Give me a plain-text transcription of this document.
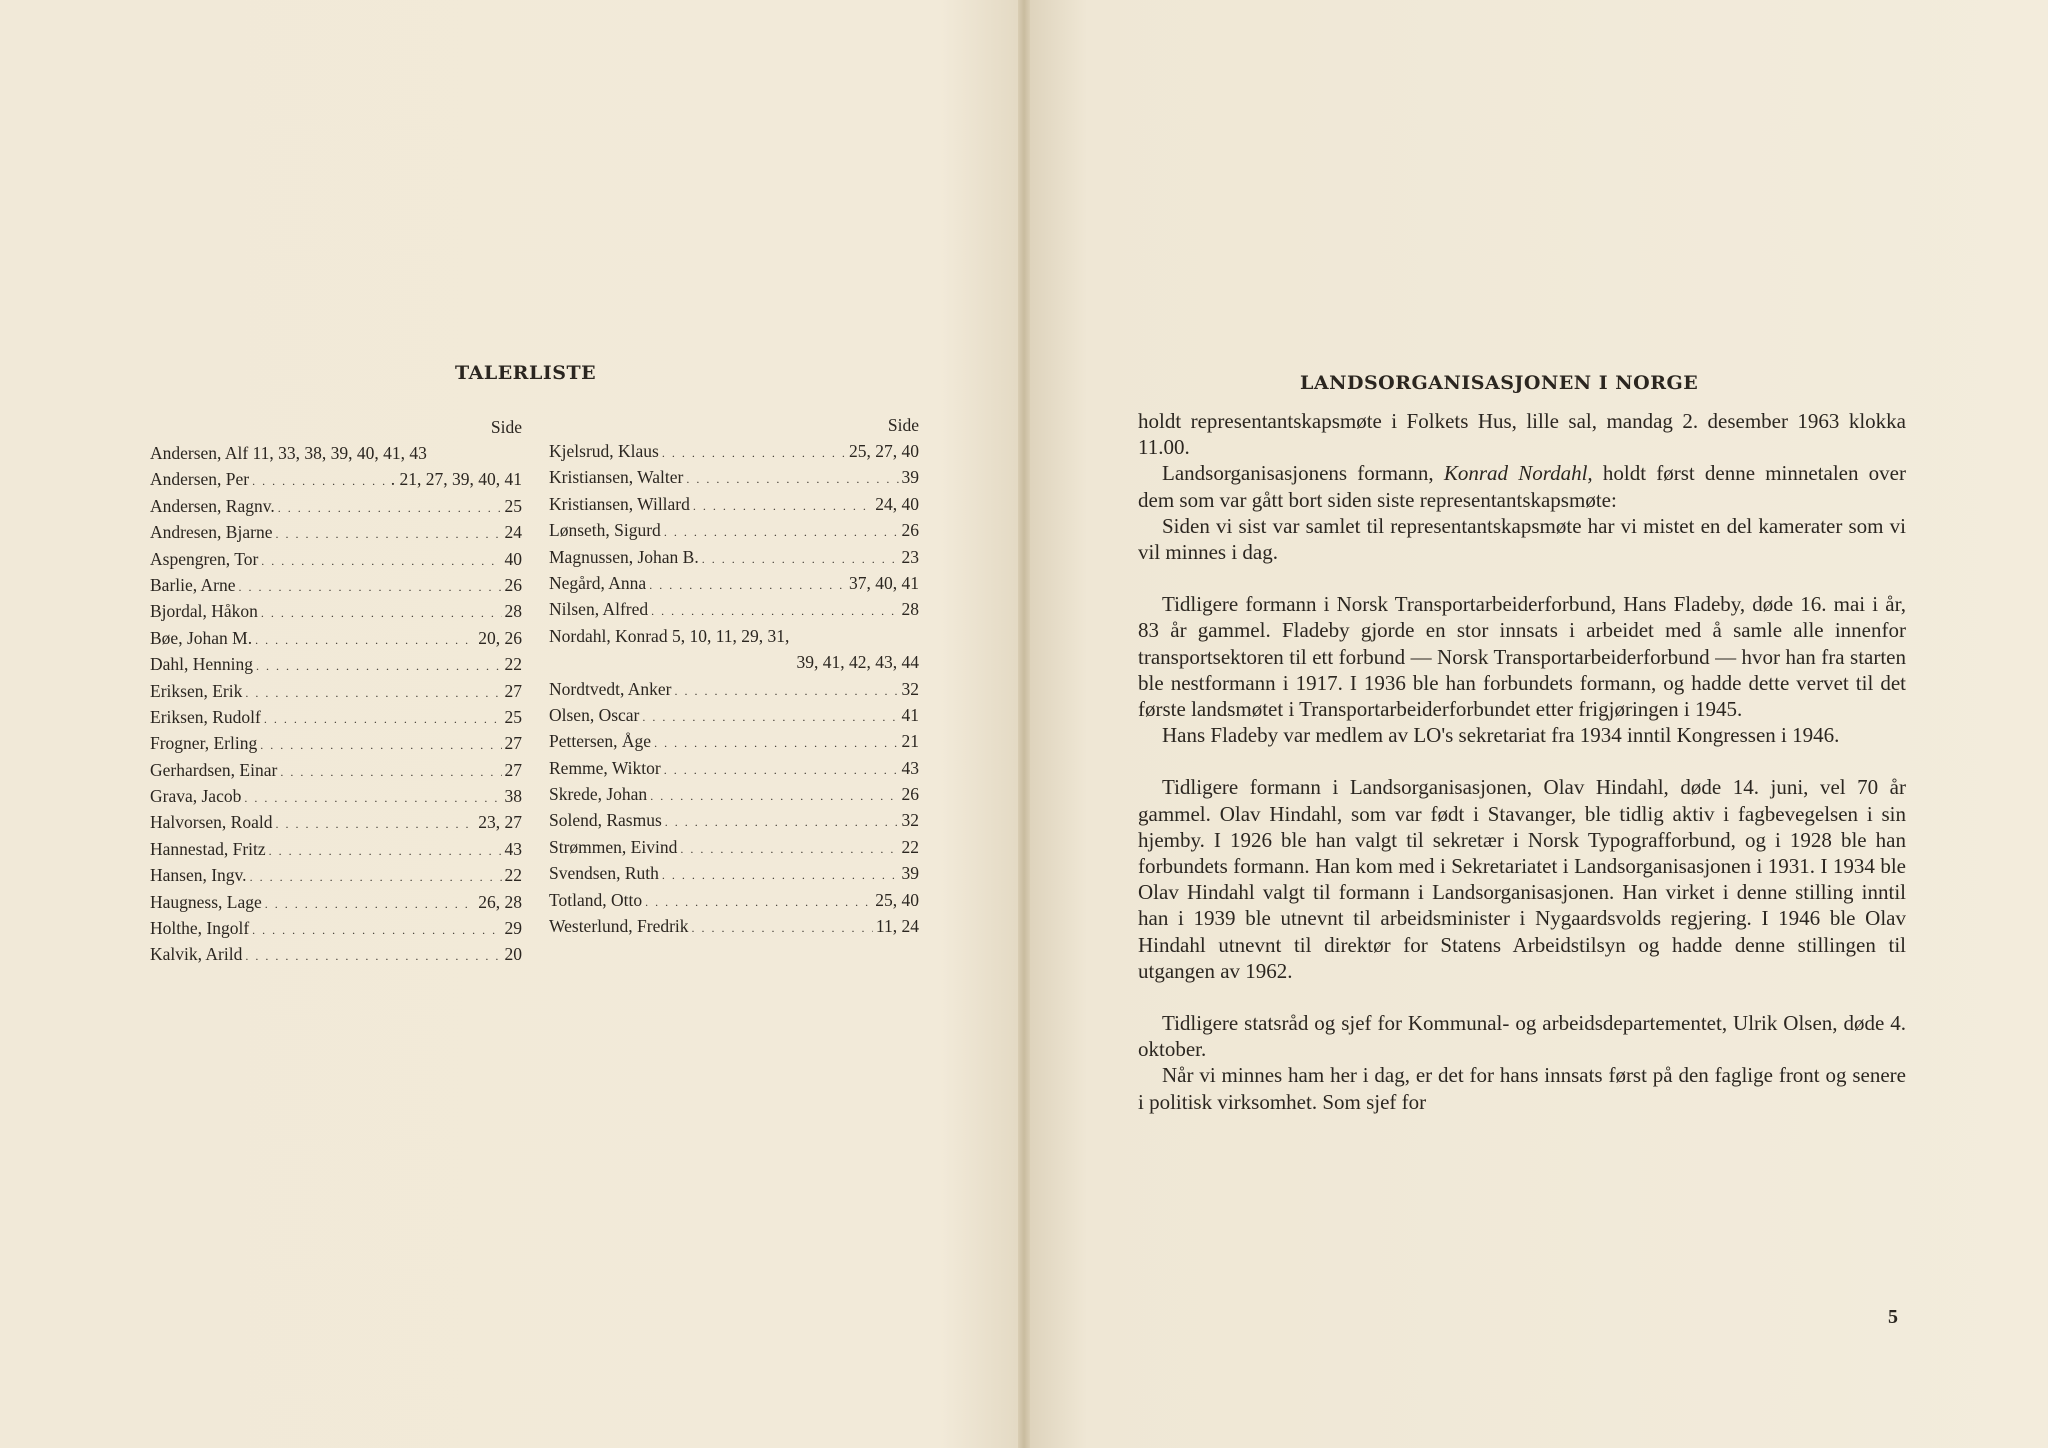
TALERLISTE
Side
Andersen, Alf 11, 33, 38, 39, 40, 41, 43
Andersen, Per . . .	. 21, 27, 39, 40, 41
Andersen, Ragnv. . . .	25
Andresen, Bjarne . . .	24
Aspengren, Tor . . .	40
Barlie, Arne . . .	26
Bjordal, Håkon . . .	28
Bøe, Johan M. . . .	20, 26
Dahl, Henning . . .	22
Eriksen, Erik . . .	27
Eriksen, Rudolf . . .	25
Frogner, Erling . . .	27
Gerhardsen, Einar . . .	27
Grava, Jacob . . .	38
Halvorsen, Roald . . .	23, 27
Hannestad, Fritz . . .	43
Hansen, Ingv. . . .	22
Haugness, Lage . . .	26, 28
Holthe, Ingolf . . .	29
Kalvik, Arild . . .	20
Side
Kjelsrud, Klaus . . .	25, 27, 40
Kristiansen, Walter . . .	39
Kristiansen, Willard . . .	24, 40
Lønseth, Sigurd . . .	26
Magnussen, Johan B. . . .	23
Negård, Anna . . .	37, 40, 41
Nilsen, Alfred . . .	28
Nordahl, Konrad 5, 10, 11, 29, 31,
39, 41, 42, 43, 44
Nordtvedt, Anker . . .	32
Olsen, Oscar . . .	41
Pettersen, Åge . . .	21
Remme, Wiktor . . .	43
Skrede, Johan . . .	26
Solend, Rasmus . . .	32
Strømmen, Eivind . . .	22
Svendsen, Ruth . . .	39
Totland, Otto . . .	25, 40
Westerlund, Fredrik . . .	11, 24
LANDSORGANISASJONEN I NORGE

holdt representantskapsmøte i Folkets Hus, lille sal, mandag 2. desember 1963 klokka 11.00.

Landsorganisasjonens formann, Konrad Nordahl, holdt først denne minnetalen over dem som var gått bort siden siste representantskapsmøte:

Siden vi sist var samlet til representantskapsmøte har vi mistet en del kamerater som vi vil minnes i dag.

Tidligere formann i Norsk Transportarbeiderforbund, Hans Fladeby, døde 16. mai i år, 83 år gammel. Fladeby gjorde en stor innsats i arbeidet med å samle alle innenfor transportsektoren til ett forbund — Norsk Transportarbeiderforbund — hvor han fra starten ble nestformann i 1917. I 1936 ble han forbundets formann, og hadde dette vervet til det første landsmøtet i Transportarbeiderforbundet etter frigjøringen i 1945.

Hans Fladeby var medlem av LO's sekretariat fra 1934 inntil Kongressen i 1946.

Tidligere formann i Landsorganisasjonen, Olav Hindahl, døde 14. juni, vel 70 år gammel. Olav Hindahl, som var født i Stavanger, ble tidlig aktiv i fagbevegelsen i sin hjemby. I 1926 ble han valgt til sekretær i Norsk Typografforbund, og i 1928 ble han forbundets formann. Han kom med i Sekretariatet i Landsorganisasjonen i 1931. I 1934 ble Olav Hindahl valgt til formann i Landsorganisasjonen. Han virket i denne stilling inntil han i 1939 ble utnevnt til arbeidsminister i Nygaardsvolds regjering. I 1946 ble Olav Hindahl utnevnt til direktør for Statens Arbeidstilsyn og hadde denne stillingen til utgangen av 1962.

Tidligere statsråd og sjef for Kommunal- og arbeidsdepartementet, Ulrik Olsen, døde 4. oktober.

Når vi minnes ham her i dag, er det for hans innsats først på den faglige front og senere i politisk virksomhet. Som sjef for

5
